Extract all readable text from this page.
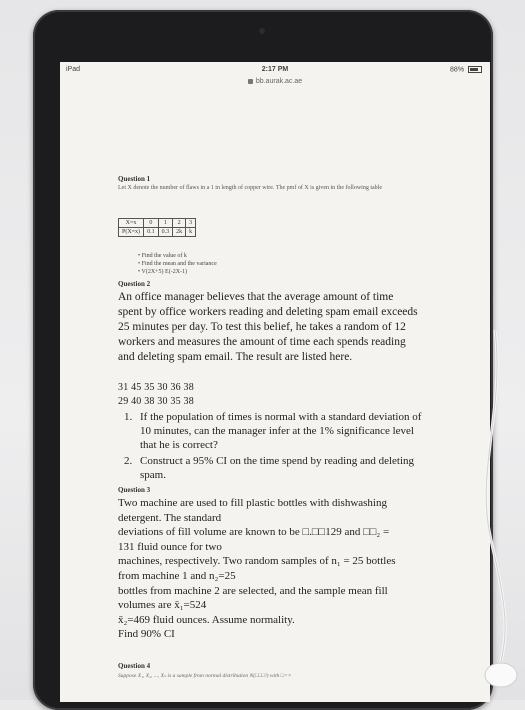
iPad	2:17 PM	88%
bb.aurak.ac.ae
Question 1
Let X denote the number of flaws in a 1 in length of copper wire. The pmf of X is given in the following table
X=x	0	1	2	3
P(X=x)	0.1	0.3	2k	k
• Find the value of k
• Find the mean and the variance
• V(2X+5) E(-2X-1)
Question 2
An office manager believes that the average amount of time spent by office workers reading and deleting spam email exceeds 25 minutes per day. To test this belief, he takes a random of 12 workers and measures the amount of time each spends reading and deleting spam email. The result are listed here.
31 45 35 30 36 38
29 40 38 30 35 38
1. If the population of times is normal with a standard deviation of 10 minutes, can the manager infer at the 1% significance level that he is correct?
2. Construct a 95% CI on the time spend by reading and deleting spam.
Question 3

Two machine are used to fill plastic bottles with dishwashing detergent. The standard

deviations of fill volume are known to be □.□□129 and □□₂ =

131 fluid ounce for two

machines, respectively. Two random samples of n₁ = 25 bottles from machine 1 and n₂=25

bottles from machine 2 are selected, and the sample mean fill volumes are x̄₁=524

x̄₂=469 fluid ounces. Assume normality.

Find 90% CI

Question 4
Suppose X₁, X₂, ..., Xₙ is a sample from normal distribution N(□□□²) with □=×
